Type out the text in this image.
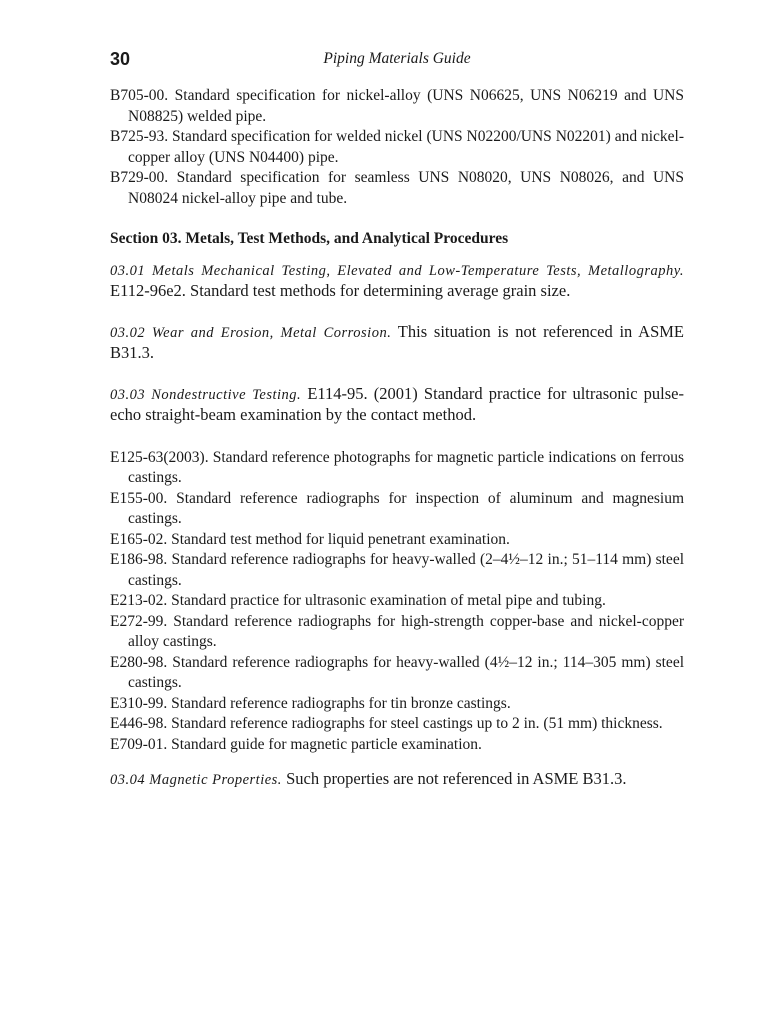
30	Piping Materials Guide

B705-00. Standard specification for nickel-alloy (UNS N06625, UNS N06219 and UNS N08825) welded pipe.

B725-93. Standard specification for welded nickel (UNS N02200/UNS N02201) and nickel-copper alloy (UNS N04400) pipe.

B729-00. Standard specification for seamless UNS N08020, UNS N08026, and UNS N08024 nickel-alloy pipe and tube.

Section 03. Metals, Test Methods, and Analytical Procedures

03.01 Metals Mechanical Testing, Elevated and Low-Temperature Tests, Metallography. E112-96e2. Standard test methods for determining average grain size.

03.02 Wear and Erosion, Metal Corrosion. This situation is not referenced in ASME B31.3.

03.03 Nondestructive Testing. E114-95. (2001) Standard practice for ultrasonic pulse-echo straight-beam examination by the contact method.

E125-63(2003). Standard reference photographs for magnetic particle indications on ferrous castings.

E155-00. Standard reference radiographs for inspection of aluminum and magnesium castings.

E165-02. Standard test method for liquid penetrant examination.

E186-98. Standard reference radiographs for heavy-walled (2–4½–12 in.; 51–114 mm) steel castings.

E213-02. Standard practice for ultrasonic examination of metal pipe and tubing.

E272-99. Standard reference radiographs for high-strength copper-base and nickel-copper alloy castings.

E280-98. Standard reference radiographs for heavy-walled (4½–12 in.; 114–305 mm) steel castings.

E310-99. Standard reference radiographs for tin bronze castings.

E446-98. Standard reference radiographs for steel castings up to 2 in. (51 mm) thickness.

E709-01. Standard guide for magnetic particle examination.

03.04 Magnetic Properties. Such properties are not referenced in ASME B31.3.
